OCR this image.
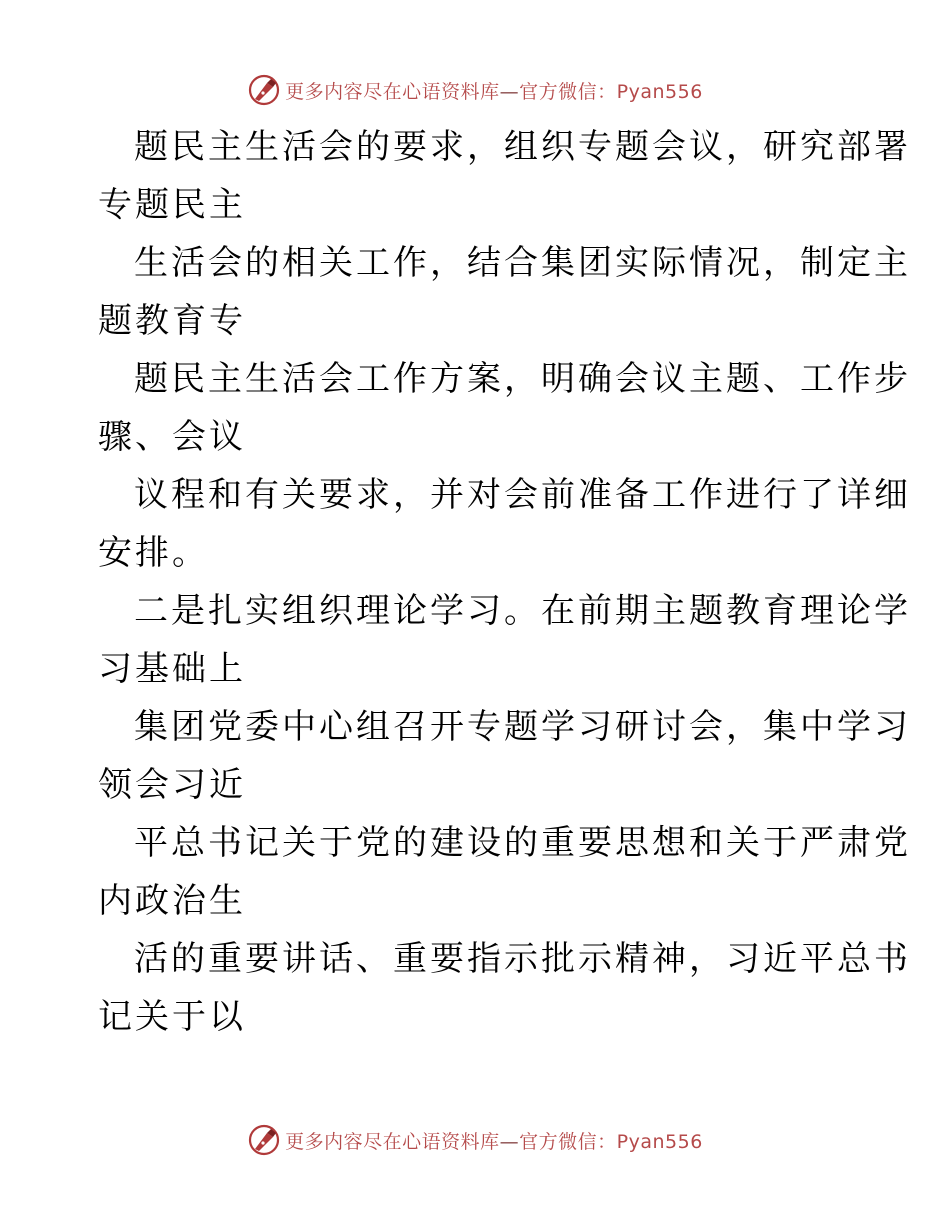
更多内容尽在心语资料库—官方微信：Pyan556

题民主生活会的要求，组织专题会议，研究部署
专题民主

生活会的相关工作，结合集团实际情况，制定主
题教育专

题民主生活会工作方案，明确会议主题、工作步
骤、会议

议程和有关要求，并对会前准备工作进行了详细
安排。

二是扎实组织理论学习。在前期主题教育理论学
习基础上

集团党委中心组召开专题学习研讨会，集中学习
领会习近

平总书记关于党的建设的重要思想和关于严肃党
内政治生

活的重要讲话、重要指示批示精神，习近平总书
记关于以

更多内容尽在心语资料库—官方微信：Pyan556
